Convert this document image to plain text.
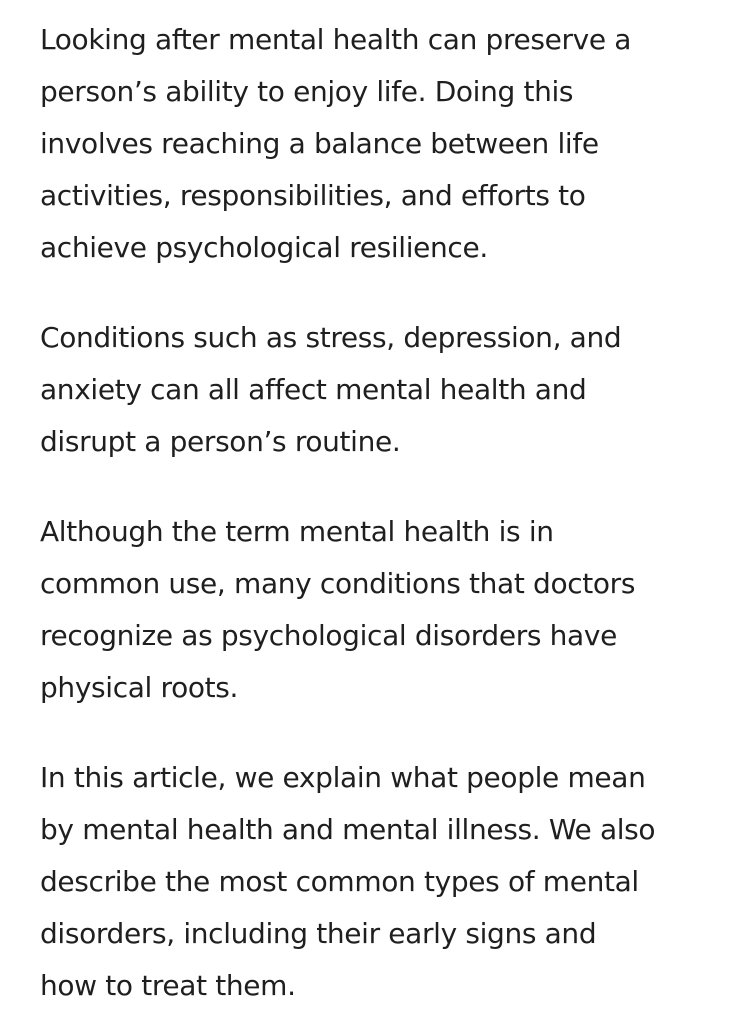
Looking after mental health can preserve a
person’s ability to enjoy life. Doing this
involves reaching a balance between life
activities, responsibilities, and efforts to
achieve psychological resilience.

Conditions such as stress, depression, and
anxiety can all affect mental health and
disrupt a person’s routine.

Although the term mental health is in
common use, many conditions that doctors
recognize as psychological disorders have
physical roots.

In this article, we explain what people mean
by mental health and mental illness. We also
describe the most common types of mental
disorders, including their early signs and
how to treat them.
